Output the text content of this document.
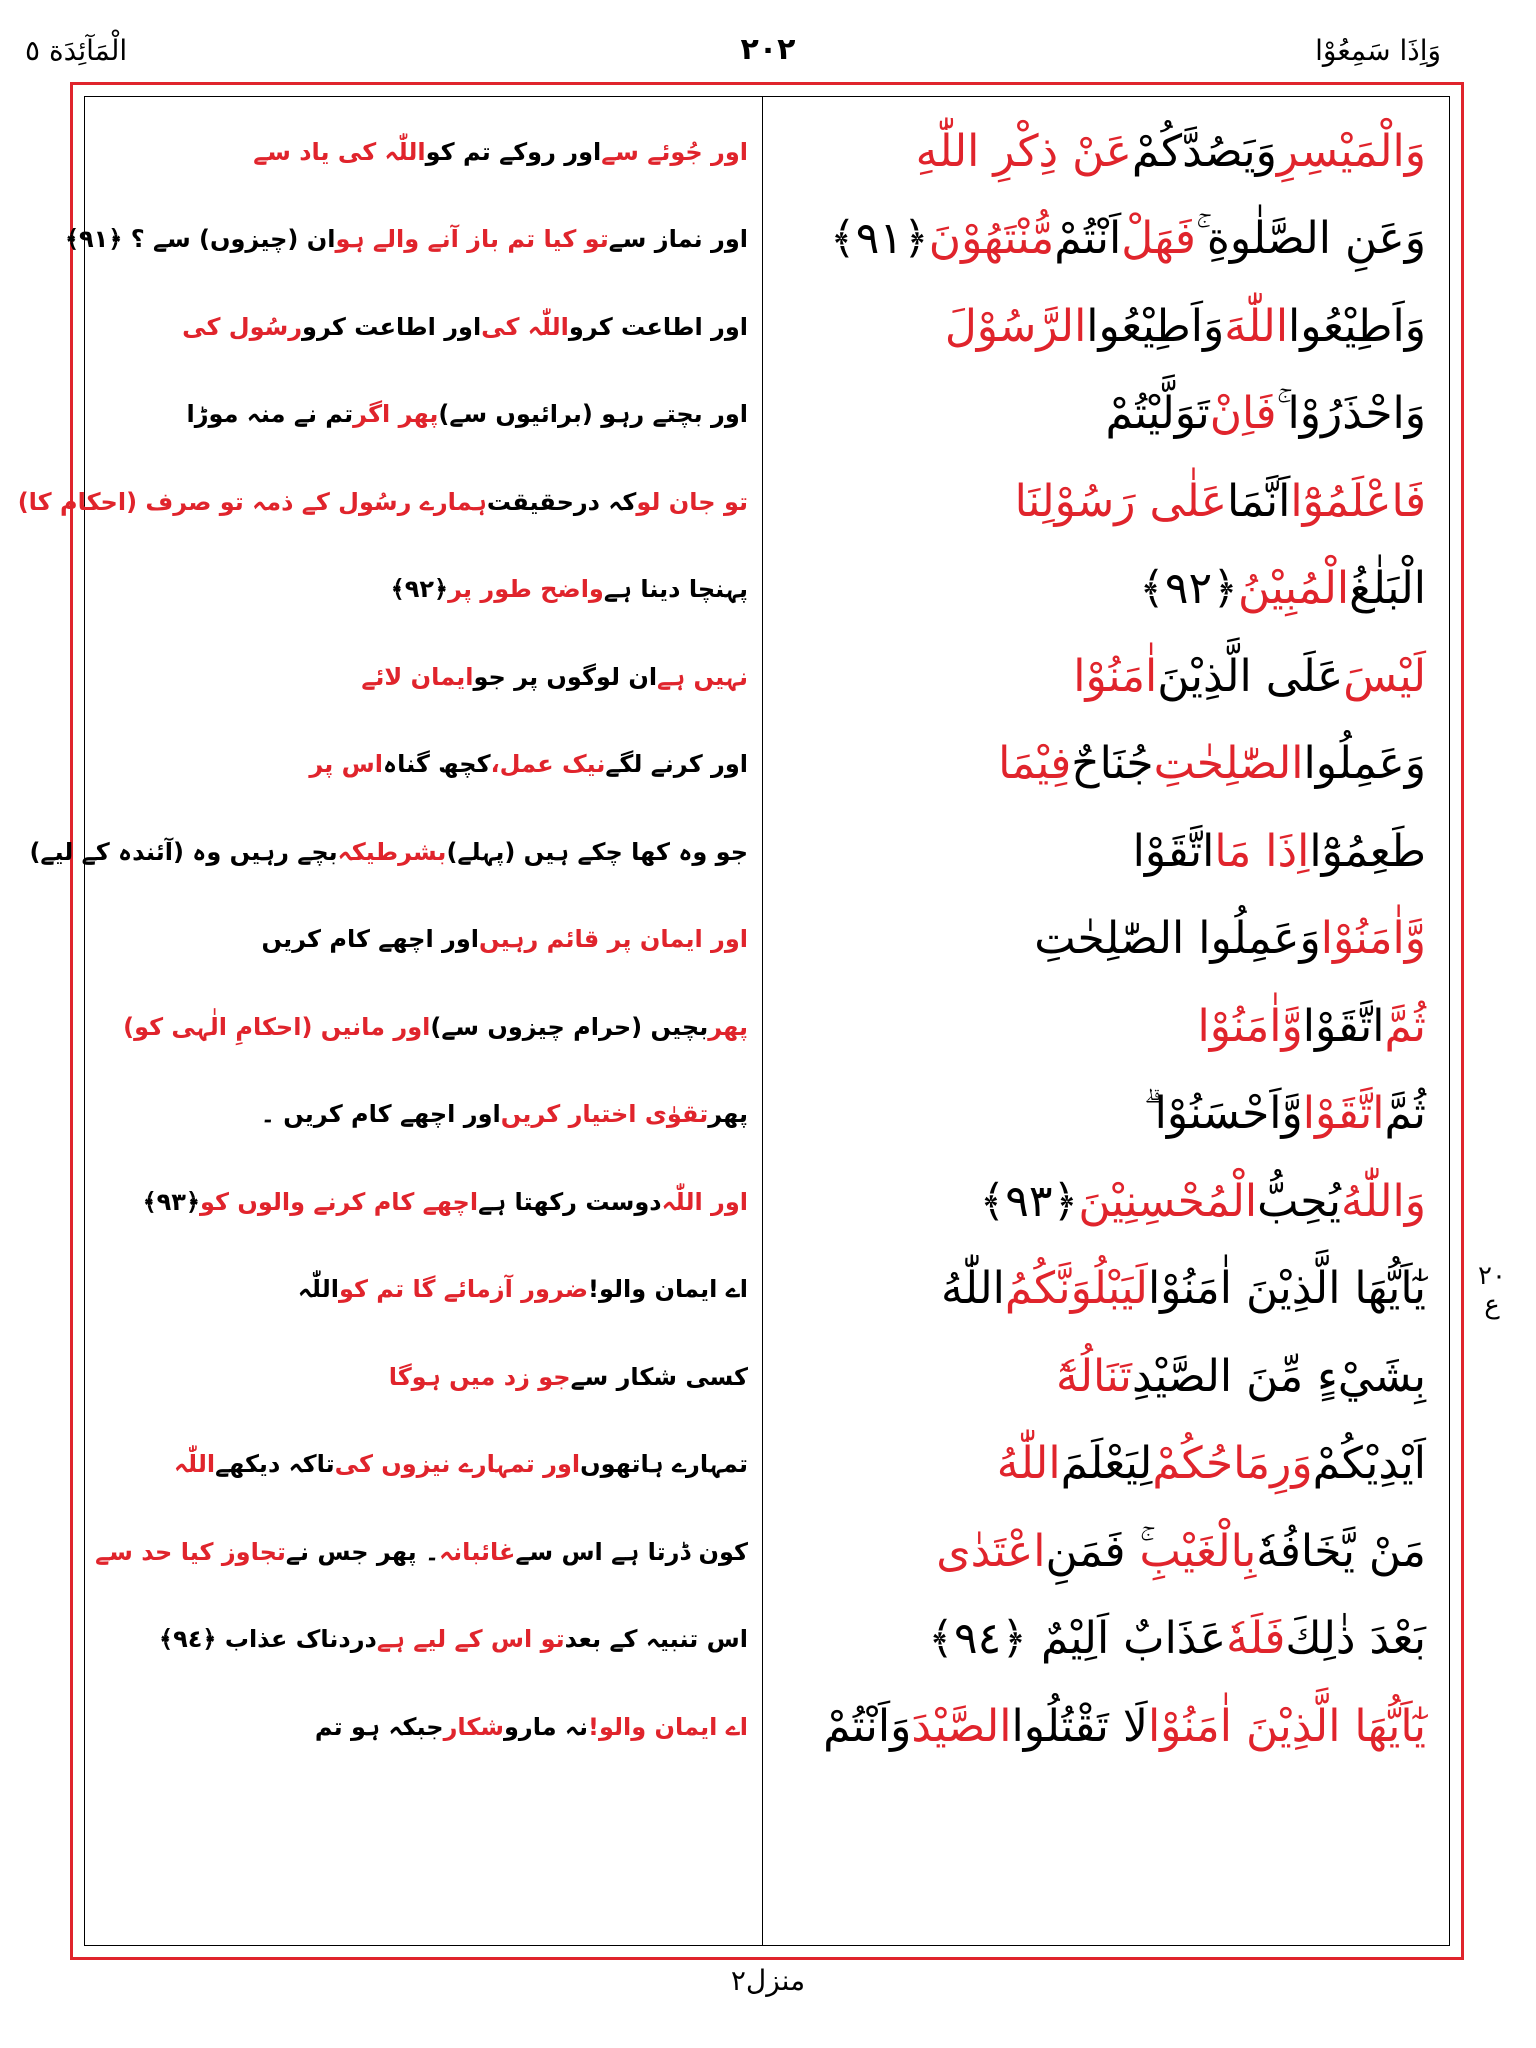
وَاِذَا سَمِعُوْا
٢٠٢
الْمَآئِدَة ٥
وَالْمَيْسِرِ
وَيَصُدَّكُمْ
عَنْ ذِكْرِ اللّٰهِ
اور جُوئے سے
اور روکے تم کو
اللّٰہ کی یاد سے
وَعَنِ الصَّلٰوةِ ۚ
فَهَلْ
اَنْتُمْ
مُّنْتَهُوْنَ
﴿٩١﴾
اور نماز سے
تو کیا تم باز آنے والے ہو
ان (چیزوں) سے ؟ ﴿٩١﴾
وَاَطِيْعُوا
اللّٰهَ
وَاَطِيْعُوا
الرَّسُوْلَ
اور اطاعت کرو
اللّٰہ کی
اور اطاعت کرو
رسُول کی
وَاحْذَرُوْا ۚ
فَاِنْ
تَوَلَّيْتُمْ
اور بچتے رہو (برائیوں سے)
پھر اگر
تم نے منہ موڑا
فَاعْلَمُوْٓا
اَنَّمَا
عَلٰى رَسُوْلِنَا
تو جان لو
کہ درحقیقت
ہمارے رسُول کے ذمہ تو صرف (احکام کا)
الْبَلٰغُ
الْمُبِيْنُ
﴿٩٢﴾
پہنچا دینا ہے
واضح طور پر
﴿٩٢﴾
لَيْسَ
عَلَى الَّذِيْنَ
اٰمَنُوْا
نہیں ہے
ان لوگوں پر جو
ایمان لائے
وَعَمِلُوا
الصّٰلِحٰتِ
جُنَاحٌ
فِيْمَا
اور کرنے لگے
نیک عمل،
کچھ گناہ
اس پر
طَعِمُوْٓا
اِذَا مَا
اتَّقَوْا
جو وہ کھا چکے ہیں (پہلے)
بشرطیکہ
بچے رہیں وہ (آئندہ کے لیے)
وَّاٰمَنُوْا
وَعَمِلُوا الصّٰلِحٰتِ
اور ایمان پر قائم رہیں
اور اچھے کام کریں
ثُمَّ
اتَّقَوْا
وَّاٰمَنُوْا
پھر
بچیں (حرام چیزوں سے)
اور مانیں (احکامِ الٰہی کو)
ثُمَّ
اتَّقَوْا
وَّاَحْسَنُوْا ۗ
پھر
تقوٰی اختیار کریں
اور اچھے کام کریں ۔
وَاللّٰهُ
يُحِبُّ
الْمُحْسِنِيْنَ
﴿٩٣﴾
اور اللّٰہ
دوست رکھتا ہے
اچھے کام کرنے والوں کو
﴿٩٣﴾
يٰٓاَيُّهَا الَّذِيْنَ اٰمَنُوْا
لَيَبْلُوَنَّكُمُ
اللّٰهُ
اے ایمان والو!
ضرور آزمائے گا تم کو
اللّٰہ
بِشَيْءٍ مِّنَ الصَّيْدِ
تَنَالُهٗٓ
کسی شکار سے
جو زد میں ہوگا
اَيْدِيْكُمْ
وَرِمَاحُكُمْ
لِيَعْلَمَ
اللّٰهُ
تمہارے ہاتھوں
اور تمہارے نیزوں کی
تاکہ دیکھے
اللّٰہ
مَنْ يَّخَافُهٗ
بِالْغَيْبِ
ۚ فَمَنِ
اعْتَدٰى
کون ڈرتا ہے اس سے
غائبانہ
۔ پھر جس نے
تجاوز کیا حد سے
بَعْدَ ذٰلِكَ
فَلَهٗ
عَذَابٌ اَلِيْمٌ ﴿٩٤﴾
اس تنبیہ کے بعد
تو اس کے لیے ہے
دردناک عذاب ﴿٩٤﴾
يٰٓاَيُّهَا الَّذِيْنَ اٰمَنُوْا
لَا تَقْتُلُوا
الصَّيْدَ
وَاَنْتُمْ
اے ایمان والو!
نہ مارو
شکار
جبکہ ہو تم
٢٠ ع
منزل٢
